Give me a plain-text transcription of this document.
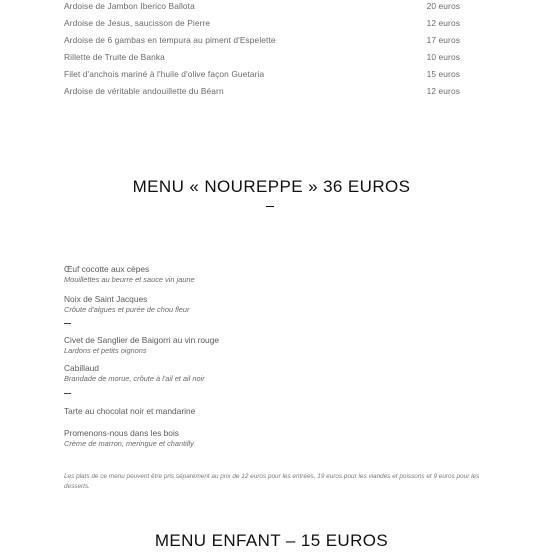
Ardoise de Jambon Iberico Ballota	20 euros
Ardoise de Jesus, saucisson de Pierre	12 euros
Ardoise de 6 gambas en tempura au piment d'Espelette	17 euros
Rillette de Truite de Banka	10 euros
Filet d'anchois mariné à l'huile d'olive façon Guetaria	15 euros
Ardoise de véritable andouillette du Béarn	12 euros
MENU « NOUREPPE » 36 EUROS
Œuf cocotte aux cèpes
Mouillettes au beurre et sauce vin jaune
Noix de Saint Jacques
Crôute d'algues et purée de chou fleur
Civet de Sanglier de Baigorri au vin rouge
Lardons et petits oignons
Cabillaud
Brandade de morue, crôute à l'ail et ail noir
Tarte au chocolat noir et mandarine
Promenons-nous dans les bois
Crème de marron, meringue et chantilly
Les plats de ce menu peuvent être pris séparément au prix de 12 euros pour les entrées, 19 euros pour les viandes et poissons et 9 euros pour les desserts.
MENU ENFANT – 15 EUROS
